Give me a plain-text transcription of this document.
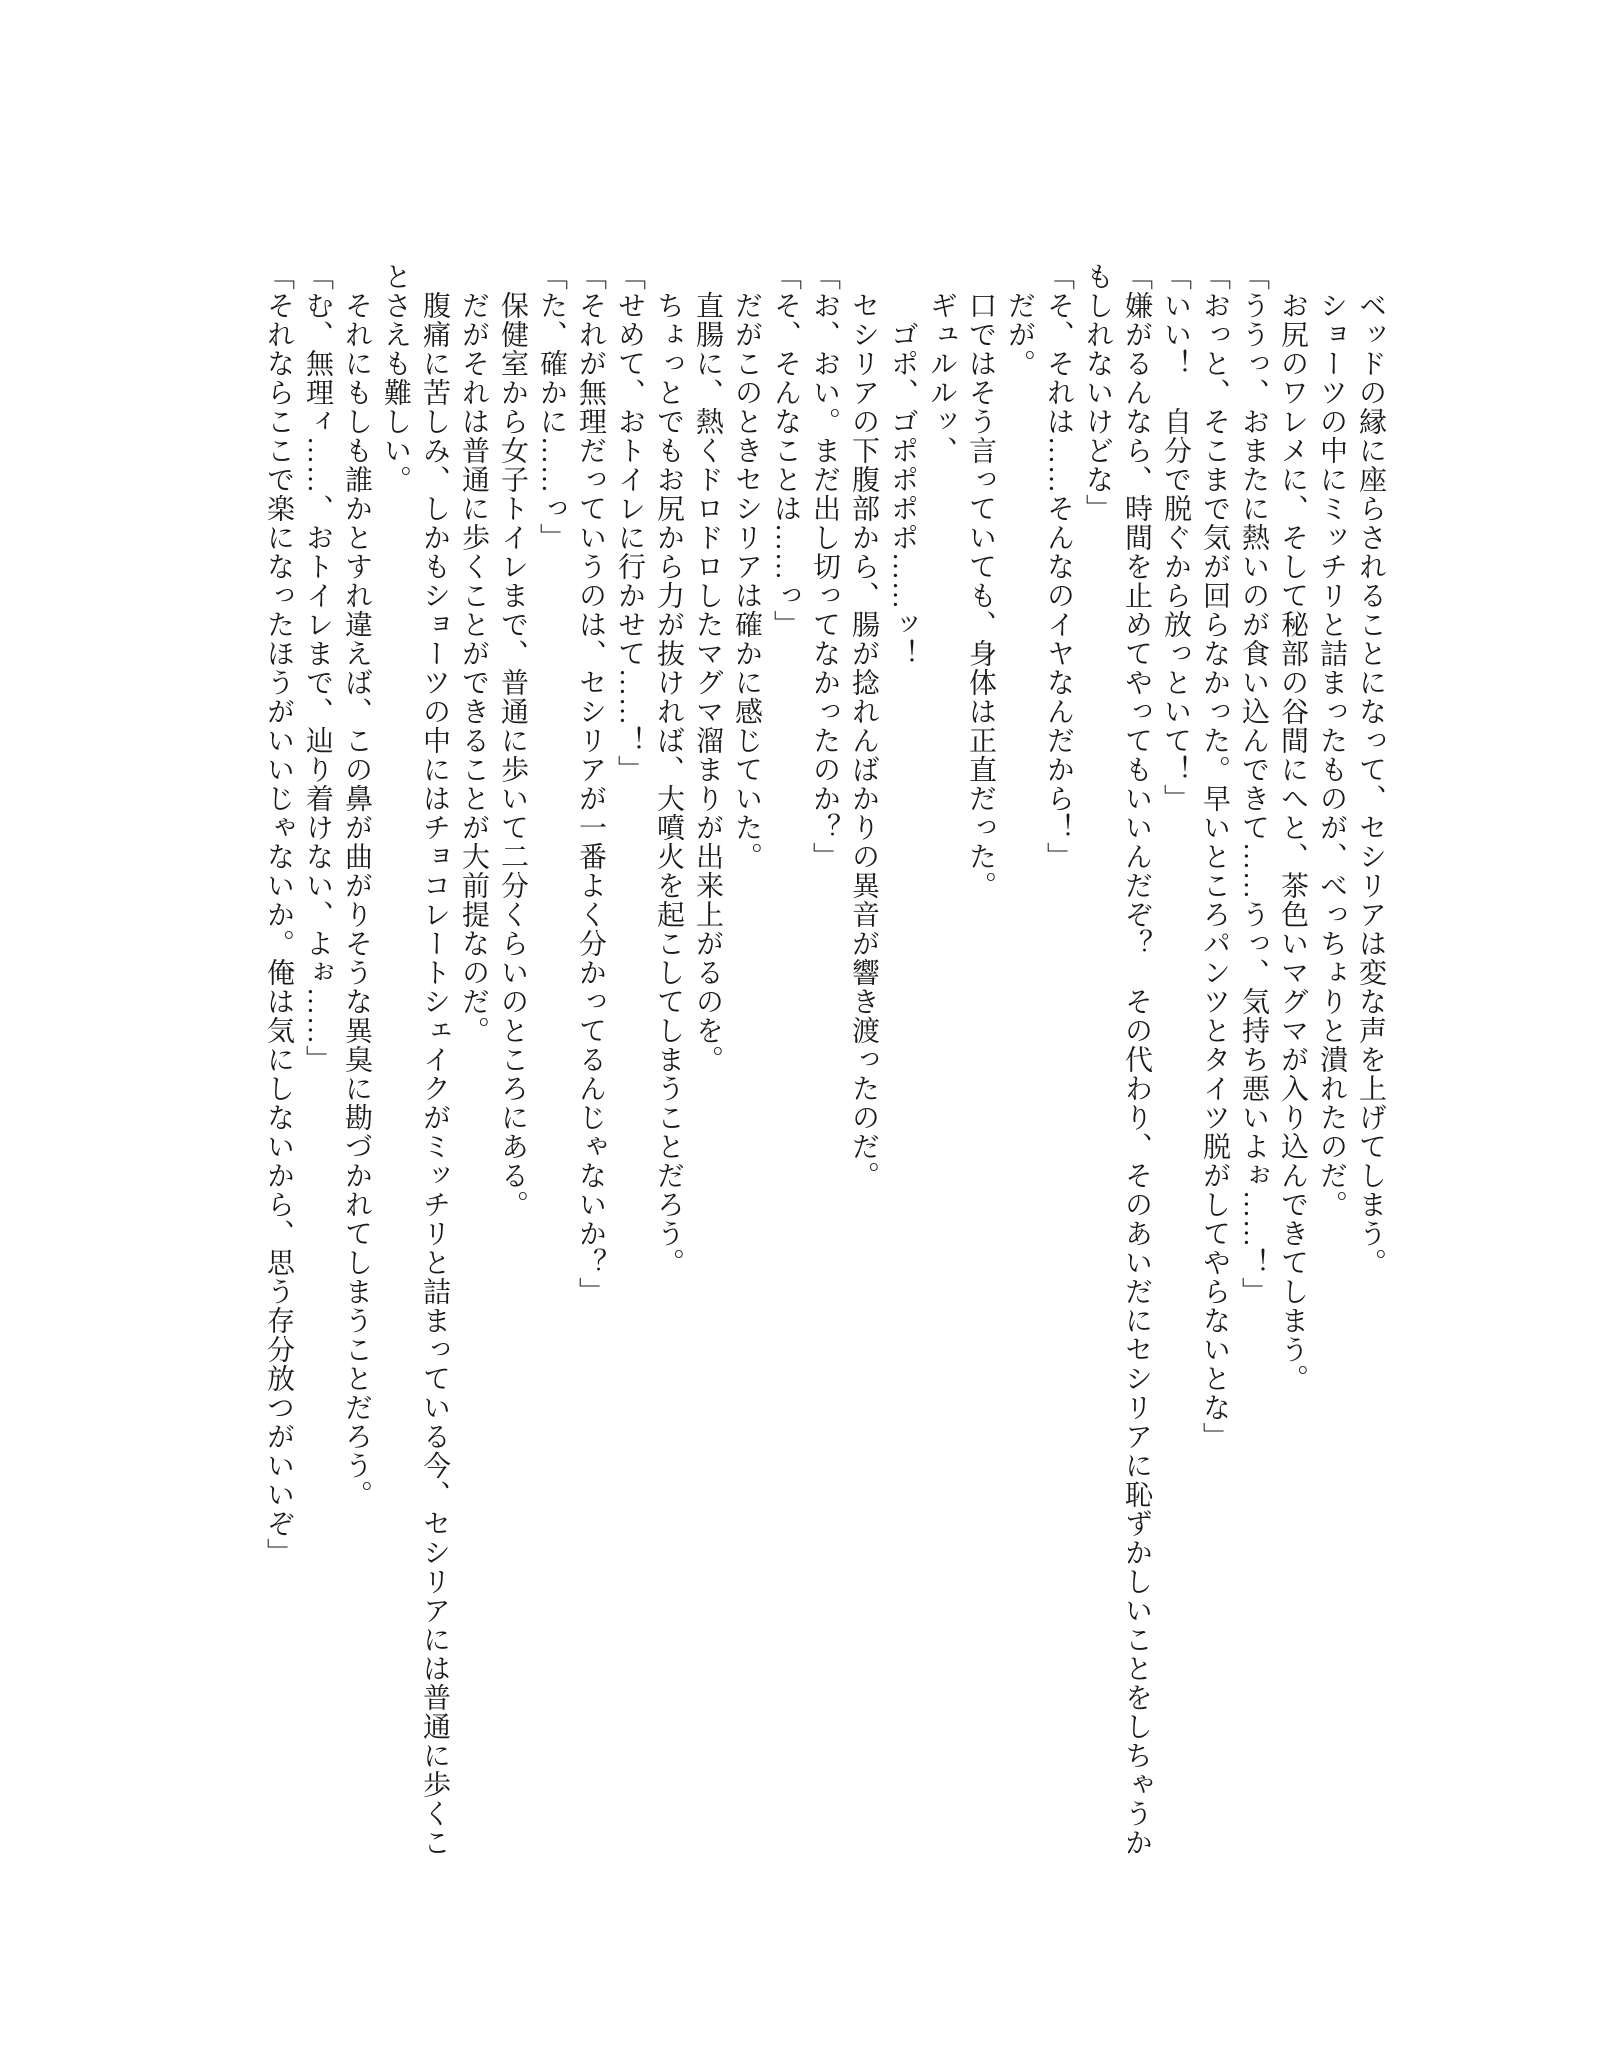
　ベッドの縁に座らされることになって、セシリアは変な声を上げてしまう。

　ショーツの中にミッチリと詰まったものが、べっちょりと潰れたのだ。

　お尻のワレメに、そして秘部の谷間にへと、茶色いマグマが入り込んできてしまう。

「ううっ、おまたに熱いのが食い込んできて……うっ、気持ち悪いよぉ……！」

「おっと、そこまで気が回らなかった。早いところパンツとタイツ脱がしてやらないとな」

「いい！　自分で脱ぐから放っといて！」

「嫌がるんなら、時間を止めてやってもいいんだぞ？　その代わり、そのあいだにセシリアに恥ずかしいことをしちゃうか

もしれないけどな」

「そ、それは……そんなのイヤなんだから！」

　だが。

　口ではそう言っていても、身体は正直だった。

　ギュルルッ、

　　ゴポ、ゴポポポポ……ッ！

　セシリアの下腹部から、腸が捻れんばかりの異音が響き渡ったのだ。

「お、おい。まだ出し切ってなかったのか？」

「そ、そんなことは……っ」

　だがこのときセシリアは確かに感じていた。

　直腸に、熱くドロドロしたマグマ溜まりが出来上がるのを。

　ちょっとでもお尻から力が抜ければ、大噴火を起こしてしまうことだろう。

「せめて、おトイレに行かせて……！」

「それが無理だっていうのは、セシリアが一番よく分かってるんじゃないか？」

「た、確かに……っ」

　保健室から女子トイレまで、普通に歩いて二分くらいのところにある。

　だがそれは普通に歩くことができることが大前提なのだ。

　腹痛に苦しみ、しかもショーツの中にはチョコレートシェイクがミッチリと詰まっている今、セシリアには普通に歩くこ

とさえも難しい。

　それにもしも誰かとすれ違えば、この鼻が曲がりそうな異臭に勘づかれてしまうことだろう。

「む、無理ィ……、おトイレまで、辿り着けない、よぉ……」

「それならここで楽になったほうがいいじゃないか。俺は気にしないから、思う存分放つがいいぞ」
